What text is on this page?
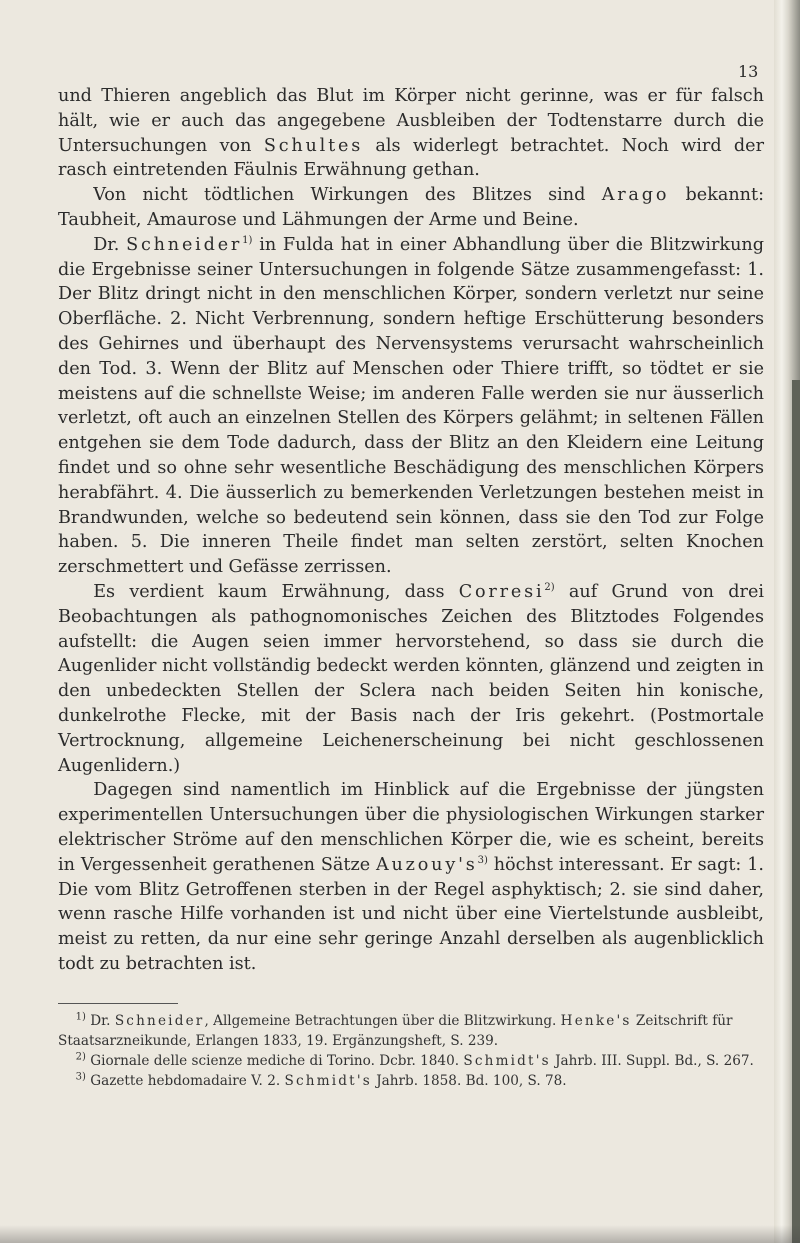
13

und Thieren angeblich das Blut im Körper nicht gerinne, was er für falsch hält, wie er auch das angegebene Ausbleiben der Todtenstarre durch die Untersuchungen von Schultes als widerlegt betrachtet. Noch wird der rasch eintretenden Fäulnis Erwähnung gethan.

Von nicht tödtlichen Wirkungen des Blitzes sind Arago bekannt: Taubheit, Amaurose und Lähmungen der Arme und Beine.

Dr. Schneider$^{1)}$ in Fulda hat in einer Abhandlung über die Blitzwirkung die Ergebnisse seiner Untersuchungen in folgende Sätze zusammengefasst: 1. Der Blitz dringt nicht in den menschlichen Körper, sondern verletzt nur seine Oberfläche. 2. Nicht Verbrennung, sondern heftige Erschütterung besonders des Gehirnes und überhaupt des Nervensystems verursacht wahrscheinlich den Tod. 3. Wenn der Blitz auf Menschen oder Thiere trifft, so tödtet er sie meistens auf die schnellste Weise; im anderen Falle werden sie nur äusserlich verletzt, oft auch an einzelnen Stellen des Körpers gelähmt; in seltenen Fällen entgehen sie dem Tode dadurch, dass der Blitz an den Kleidern eine Leitung findet und so ohne sehr wesentliche Beschädigung des menschlichen Körpers herabfährt. 4. Die äusserlich zu bemerkenden Verletzungen bestehen meist in Brandwunden, welche so bedeutend sein können, dass sie den Tod zur Folge haben. 5. Die inneren Theile findet man selten zerstört, selten Knochen zerschmettert und Gefässe zerrissen.

Es verdient kaum Erwähnung, dass Corresi$^{2)}$ auf Grund von drei Beobachtungen als pathognomonisches Zeichen des Blitztodes Folgendes aufstellt: die Augen seien immer hervorstehend, so dass sie durch die Augenlider nicht vollständig bedeckt werden könnten, glänzend und zeigten in den unbedeckten Stellen der Sclera nach beiden Seiten hin konische, dunkelrothe Flecke, mit der Basis nach der Iris gekehrt. (Postmortale Vertrocknung, allgemeine Leichenerscheinung bei nicht geschlossenen Augenlidern.)

Dagegen sind namentlich im Hinblick auf die Ergebnisse der jüngsten experimentellen Untersuchungen über die physiologischen Wirkungen starker elektrischer Ströme auf den menschlichen Körper die, wie es scheint, bereits in Vergessenheit gerathenen Sätze $Auzouy's^{3)}$ höchst interessant. Er sagt: 1. Die vom Blitz Getroffenen sterben in der Regel asphyktisch; 2. sie sind daher, wenn rasche Hilfe vorhanden ist und nicht über eine Viertelstunde ausbleibt, meist zu retten, da nur eine sehr geringe Anzahl derselben als augenblicklich todt zu betrachten ist.

$^{1)}$ Dr. Schneider, Allgemeine Betrachtungen über die Blitzwirkung. Henke's Zeitschrift für Staatsarzneikunde, Erlangen 1833, 19. Ergänzungsheft, S. 239.

$^{2)}$ Giornale delle scienze mediche di Torino. Dcbr. 1840. Schmidt's Jahrb. III. Suppl. Bd., S. 267.

$^{3)}$ Gazette hebdomadaire V. 2. Schmidt's Jahrb. 1858. Bd. 100, S. 78.
